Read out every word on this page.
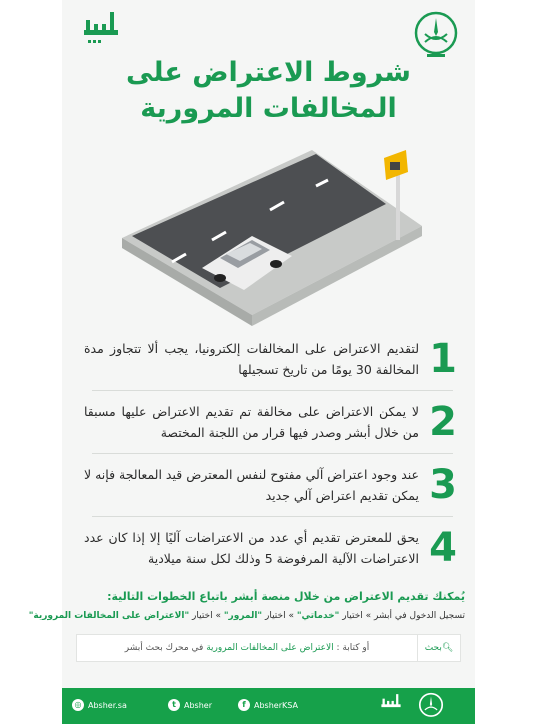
شروط الاعتراض على
المخالفات المرورية
1
لتقديم الاعتراض على المخالفات إلكترونيا، يجب ألا تتجاوز مدة المخالفة 30 يومًا من تاريخ تسجيلها
2
لا يمكن الاعتراض على مخالفة تم تقديم الاعتراض عليها مسبقا من خلال أبشر وصدر فيها قرار من اللجنة المختصة
3
عند وجود اعتراض آلي مفتوح لنفس المعترض قيد المعالجة فإنه لا يمكن تقديم اعتراض آلي جديد
4
يحق للمعترض تقديم أي عدد من الاعتراضات آليًا إلا إذا كان عدد الاعتراضات الآلية المرفوضة 5 وذلك لكل سنة ميلادية
يُمكنك تقديم الاعتراض من خلال منصة أبشر باتباع الخطوات التالية:
تسجيل الدخول في أبشر » اختيار "خدماتي" » اختيار "المرور" » اختيار "الاعتراض على المخالفات المرورية"
🔍︎
بحث
أو كتابة : الاعتراض على المخالفات المرورية في محرك بحث أبشر
◎ Absher.sa	t	Absher	f	AbsherKSA
